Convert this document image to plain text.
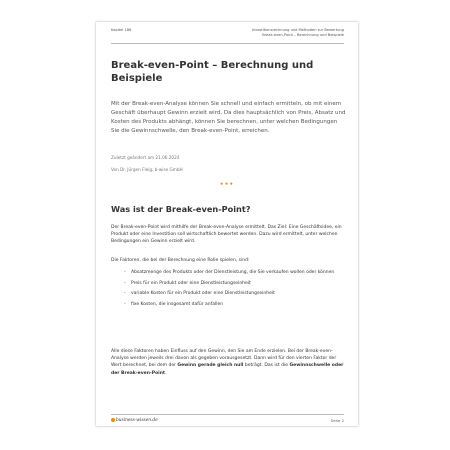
Kapitel 186	Investitionsrechnung und Methoden zur Bewertung
Break-even-Point – Berechnung und Beispiele
Break-even-Point – Berechnung und Beispiele

Mit der Break-even-Analyse können Sie schnell und einfach ermitteln, ob mit einem Geschäft überhaupt Gewinn erzielt wird. Da dies hauptsächlich von Preis, Absatz und Kosten des Produkts abhängt, können Sie berechnen, unter welchen Bedingungen Sie die Gewinnschwelle, den Break-even-Point, erreichen.

Zuletzt geändert am 21.06.2024
Von Dr. Jürgen Fleig, b-wise GmbH
•••
Was ist der Break-even-Point?

Der Break-even-Point wird mithilfe der Break-even-Analyse ermittelt. Das Ziel: Eine Geschäftsidee, ein Produkt oder eine Investition soll wirtschaftlich bewertet werden. Dazu wird ermittelt, unter welchen Bedingungen ein Gewinn erzielt wird.

Die Faktoren, die bei der Berechnung eine Rolle spielen, sind:

- Absatzmenge des Produkts oder der Dienstleistung, die Sie verkaufen wollen oder können
- Preis für ein Produkt oder eine Dienstleistungseinheit
- variable Kosten für ein Produkt oder eine Dienstleistungseinheit
- fixe Kosten, die insgesamt dafür anfallen

Alle diese Faktoren haben Einfluss auf den Gewinn, den Sie am Ende erzielen. Bei der Break-even-Analyse werden jeweils drei davon als gegeben vorausgesetzt. Dann wird für den vierten Faktor der Wert berechnet, bei dem der Gewinn gerade gleich null beträgt. Das ist die Gewinnschwelle oder der Break-even-Point.

business-wissen.de	Seite 2
